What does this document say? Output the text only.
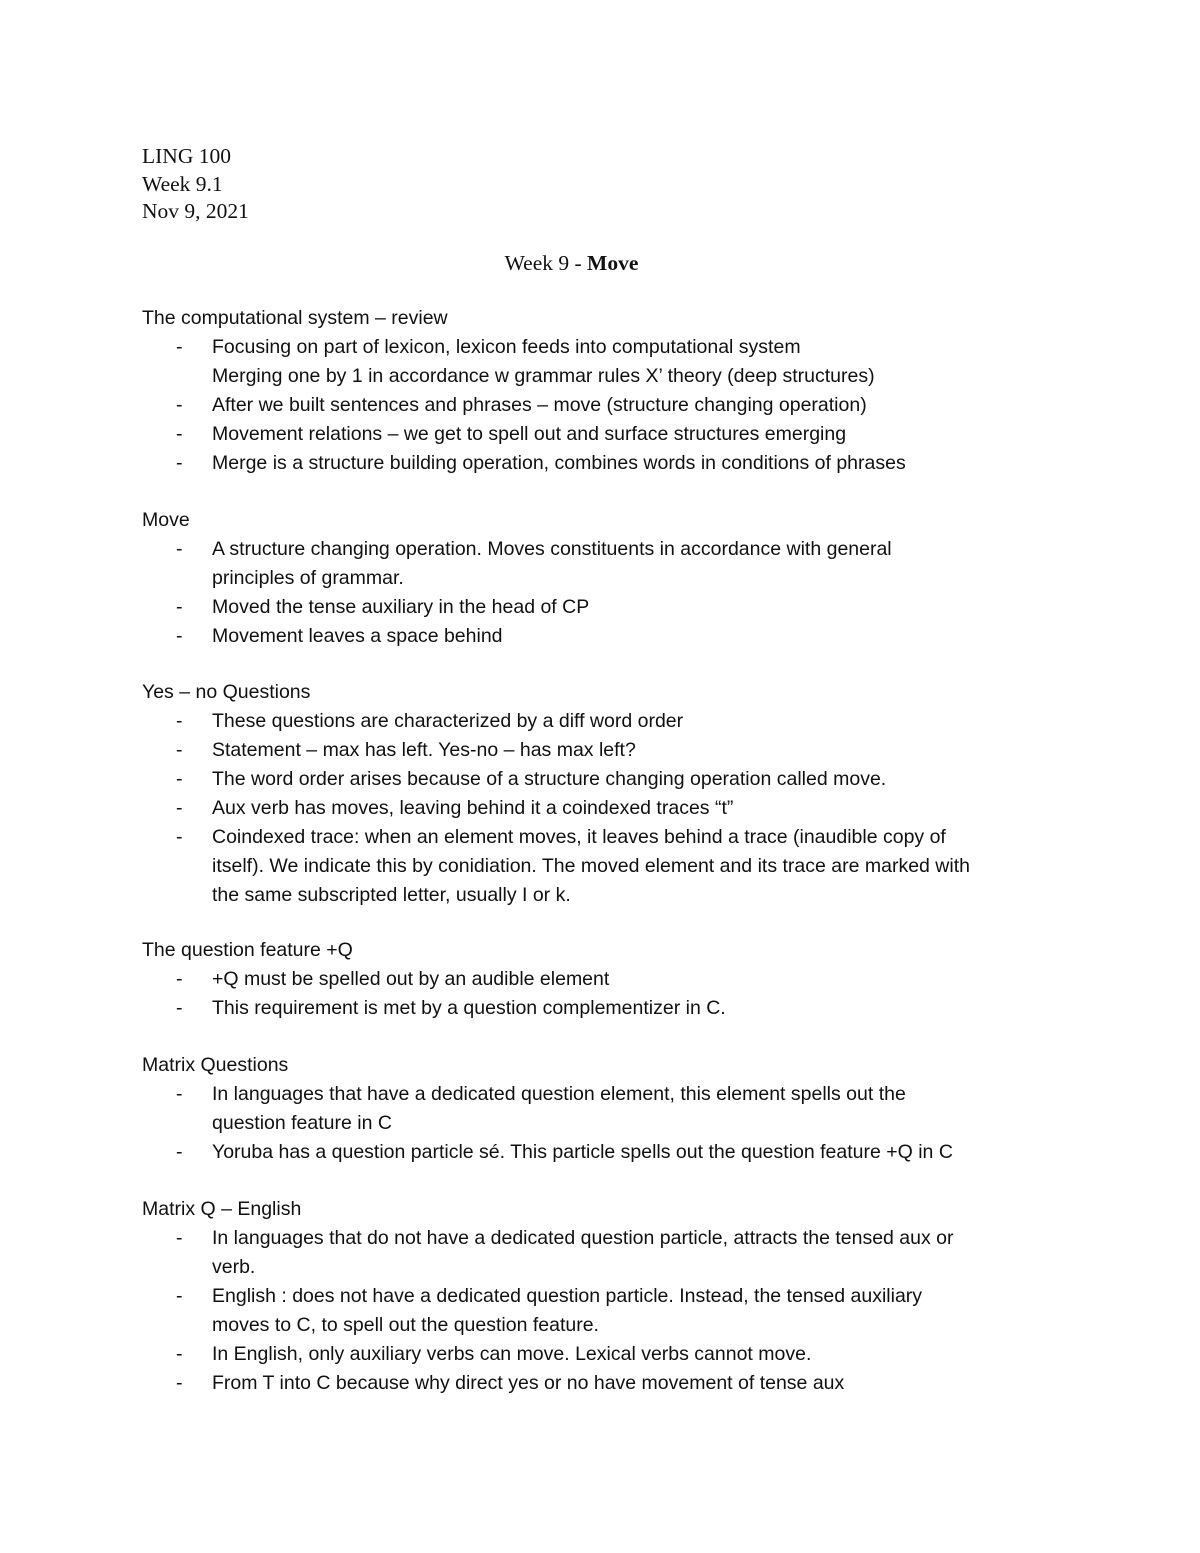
LING 100
Week 9.1
Nov 9, 2021
Week 9 - Move
The computational system – review
- Focusing on part of lexicon, lexicon feeds into computational system
Merging one by 1 in accordance w grammar rules X’ theory (deep structures)
- After we built sentences and phrases – move (structure changing operation)
- Movement relations – we get to spell out and surface structures emerging
- Merge is a structure building operation, combines words in conditions of phrases
Move
- A structure changing operation. Moves constituents in accordance with general
principles of grammar.
- Moved the tense auxiliary in the head of CP
- Movement leaves a space behind
Yes – no Questions
- These questions are characterized by a diff word order
- Statement – max has left. Yes-no – has max left?
- The word order arises because of a structure changing operation called move.
- Aux verb has moves, leaving behind it a coindexed traces “t”
- Coindexed trace: when an element moves, it leaves behind a trace (inaudible copy of
itself). We indicate this by conidiation. The moved element and its trace are marked with
the same subscripted letter, usually I or k.
The question feature +Q
- +Q must be spelled out by an audible element
- This requirement is met by a question complementizer in C.
Matrix Questions
- In languages that have a dedicated question element, this element spells out the
question feature in C
- Yoruba has a question particle sé. This particle spells out the question feature +Q in C
Matrix Q – English
- In languages that do not have a dedicated question particle, attracts the tensed aux or
verb.
- English : does not have a dedicated question particle. Instead, the tensed auxiliary
moves to C, to spell out the question feature.
- In English, only auxiliary verbs can move. Lexical verbs cannot move.
- From T into C because why direct yes or no have movement of tense aux
